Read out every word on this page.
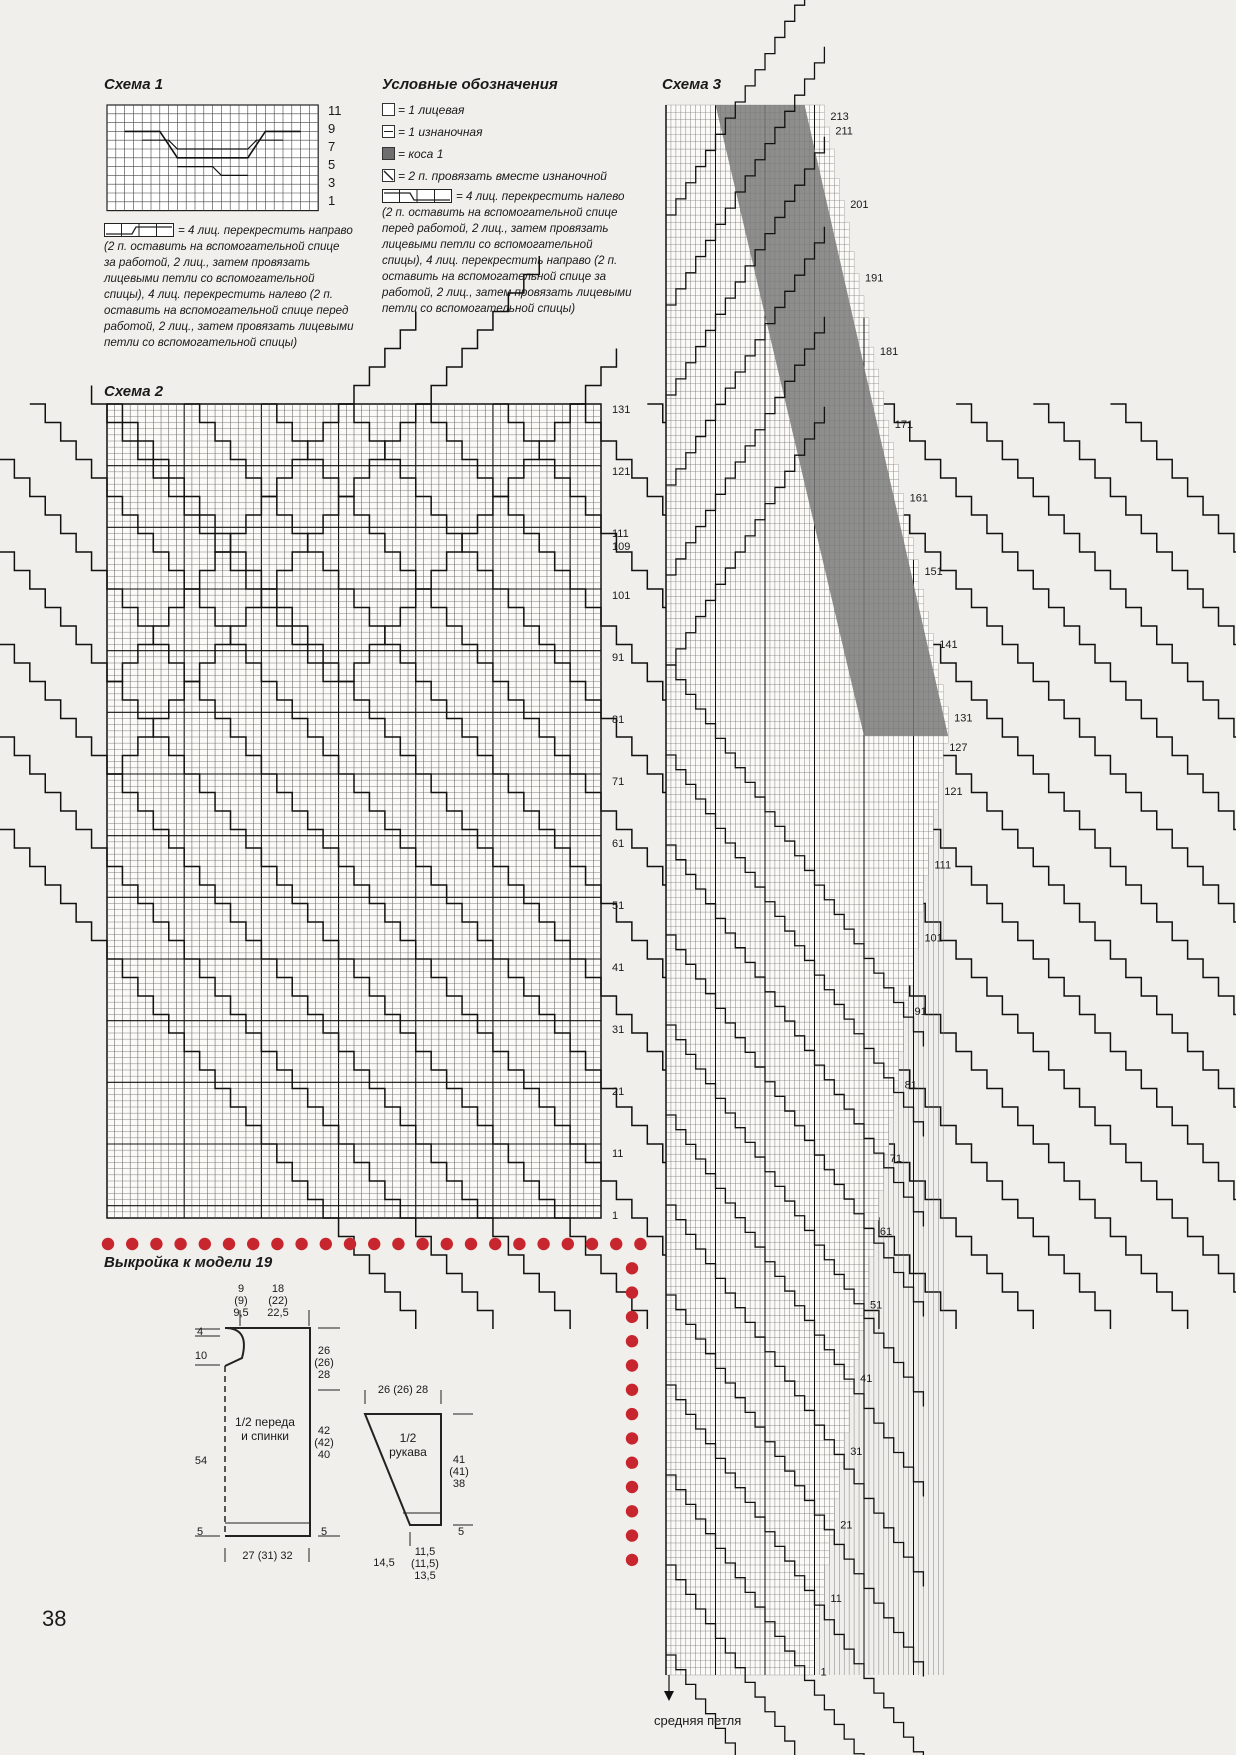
Схема 1
11
9
7
5
3
1
= 4 лиц. перекрестить направо (2 п. оставить на вспомогательной спице за работой, 2 лиц., затем провязать лицевыми петли со вспомогательной спицы), 4 лиц. перекрестить налево (2 п. оставить на вспомогательной спице перед работой, 2 лиц., затем провязать лицевыми петли со вспомогательной спицы)
Условные обозначения
= 1 лицевая
= 1 изнаночная
= коса 1
= 2 п. провязать вместе изнаночной
= 4 лиц. перекрестить налево (2 п. оставить на вспомогательной спице перед работой, 2 лиц., затем провязать лицевыми петли со вспомогательной спицы), 4 лиц. перекрестить направо (2 п. оставить на вспомогательной спице за работой, 2 лиц., затем провязать лицевыми петли со вспомогательной спицы)
Схема 2
131
121
111
109
101
91
81
71
61
51
41
31
21
11
1
Схема 3
средняя петля
213
211
201
191
181
171
161
151
141
131
127
121
111
101
91
81
71
61
51
41
31
21
11
1
Выкройка к модели 19
9
(9)
9,5
18
(22)
22,5
4
10
54
5
26
(26)
28
42
(42)
40
5
1/2 переда
и спинки
27 (31) 32
26 (26) 28
1/2
рукава
41
(41)
38
5
14,5
11,5
(11,5)
13,5
38
